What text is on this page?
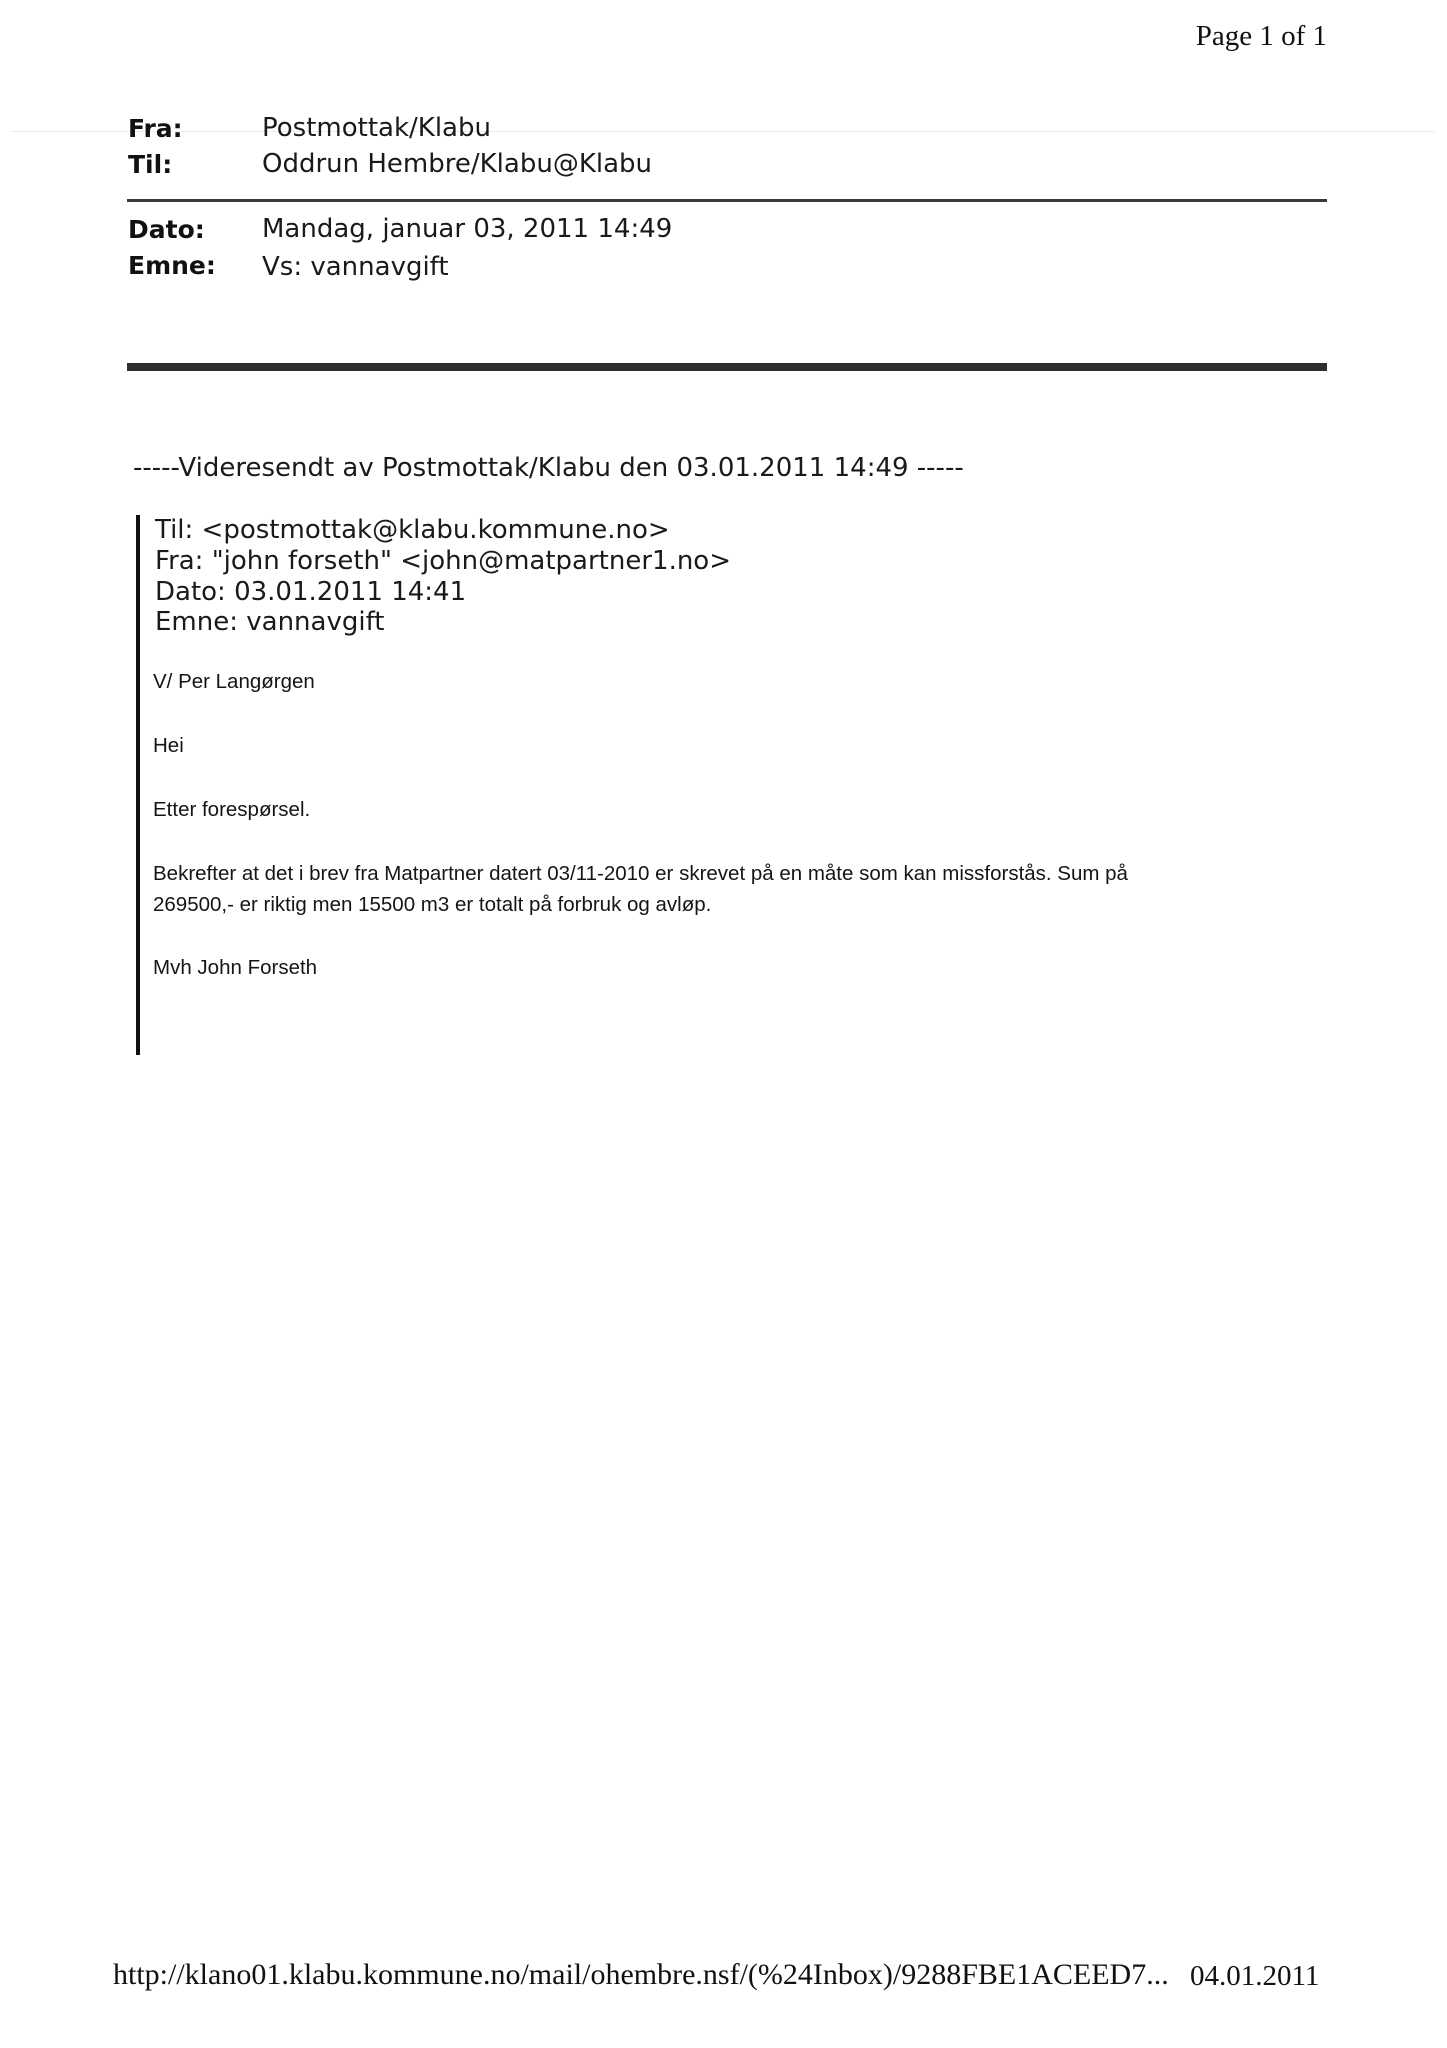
Page 1 of 1
Fra:	Postmottak/Klabu
Til:	Oddrun Hembre/Klabu@Klabu
Dato: Mandag, januar 03, 2011 14:49
Emne: Vs: vannavgift
-----Videresendt av Postmottak/Klabu den 03.01.2011 14:49 -----
Til: <postmottak@klabu.kommune.no>
Fra: "john forseth" <john@matpartner1.no>
Dato: 03.01.2011 14:41
Emne: vannavgift
V/ Per Langørgen
Hei
Etter forespørsel.
Bekrefter at det i brev fra Matpartner datert 03/11-2010 er skrevet på en måte som kan missforstås. Sum på
269500,- er riktig men 15500 m3 er totalt på forbruk og avløp.
Mvh John Forseth
http://klano01.klabu.kommune.no/mail/ohembre.nsf/(%24Inbox)/9288FBE1ACEED7... 04.01.2011
